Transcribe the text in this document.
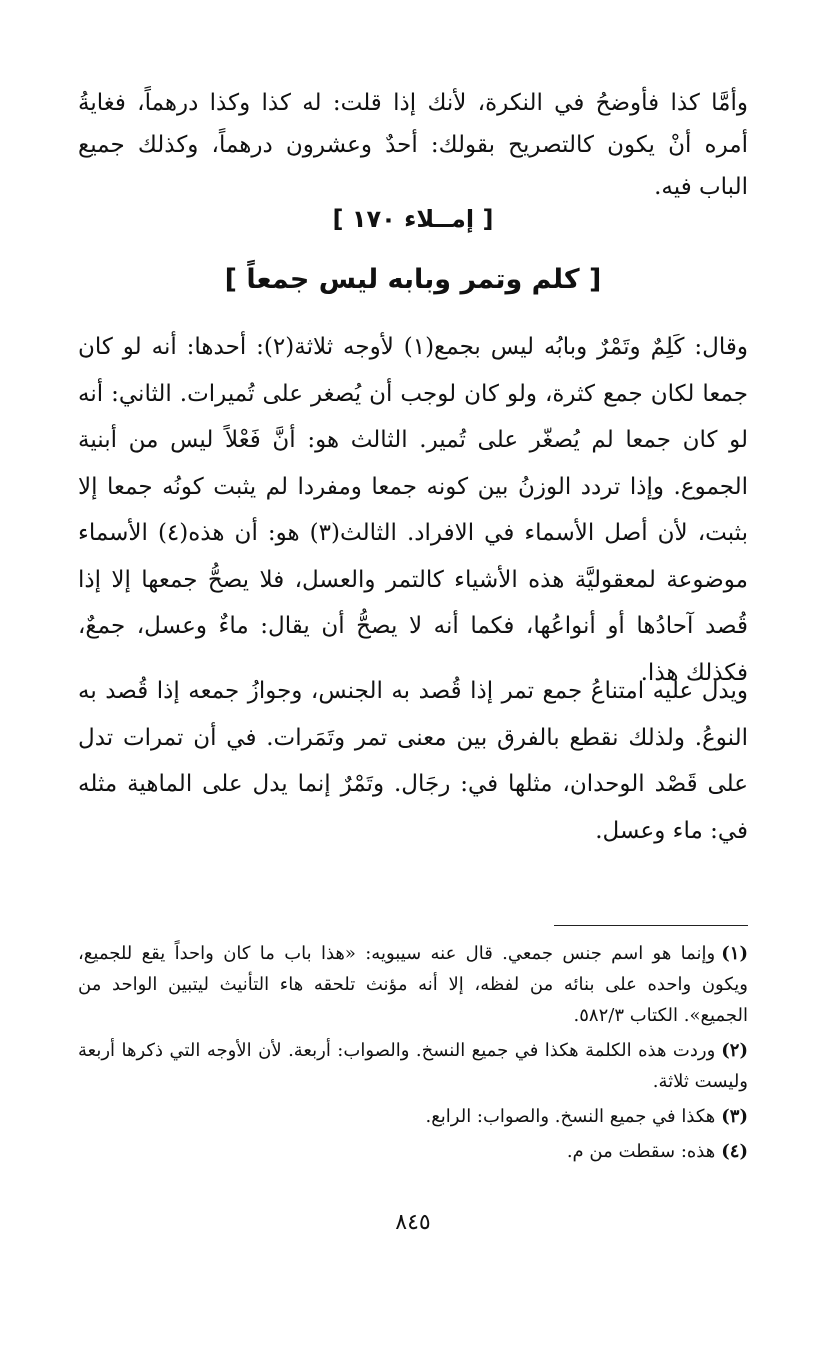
وأمَّا كذا فأوضحُ في النكرة، لأنك إذا قلت: له كذا وكذا درهماً، فغايةُ أمره أنْ يكون كالتصريح بقولك: أحدٌ وعشرون درهماً، وكذلك جميع الباب فيه.

[ إمــلاء ١٧٠ ]
[ كلم وتمر وبابه ليس جمعاً ]

وقال: كَلِمٌ وتَمْرٌ وبابُه ليس بجمع(١) لأوجه ثلاثة(٢): أحدها: أنه لو كان جمعا لكان جمع كثرة، ولو كان لوجب أن يُصغر على تُميرات. الثاني: أنه لو كان جمعا لم يُصغّر على تُمير. الثالث هو: أنَّ فَعْلاً ليس من أبنية الجموع. وإذا تردد الوزنُ بين كونه جمعا ومفردا لم يثبت كونُه جمعا إلا بثبت، لأن أصل الأسماء في الافراد. الثالث(٣) هو: أن هذه(٤) الأسماء موضوعة لمعقوليَّة هذه الأشياء كالتمر والعسل، فلا يصحُّ جمعها إلا إذا قُصد آحادُها أو أنواعُها، فكما أنه لا يصحُّ أن يقال: ماءٌ وعسل، جمعٌ، فكذلك هذا.

ويدل عليه امتناعُ جمع تمر إذا قُصد به الجنس، وجوازُ جمعه إذا قُصد به النوعُ. ولذلك نقطع بالفرق بين معنى تمر وتَمَرات. في أن تمرات تدل على قَصْد الوحدان، مثلها في: رجَال. وتَمْرٌ إنما يدل على الماهية مثله في: ماء وعسل.

(١)وإنما هو اسم جنس جمعي. قال عنه سيبويه: «هذا باب ما كان واحداً يقع للجميع، ويكون واحده على بنائه من لفظه، إلا أنه مؤنث تلحقه هاء التأنيث ليتبين الواحد من الجميع». الكتاب ٥٨٢/٣.

(٢)وردت هذه الكلمة هكذا في جميع النسخ. والصواب: أربعة. لأن الأوجه التي ذكرها أربعة وليست ثلاثة.

(٣)هكذا في جميع النسخ. والصواب: الرابع.

(٤)هذه: سقطت من م.

٨٤٥
